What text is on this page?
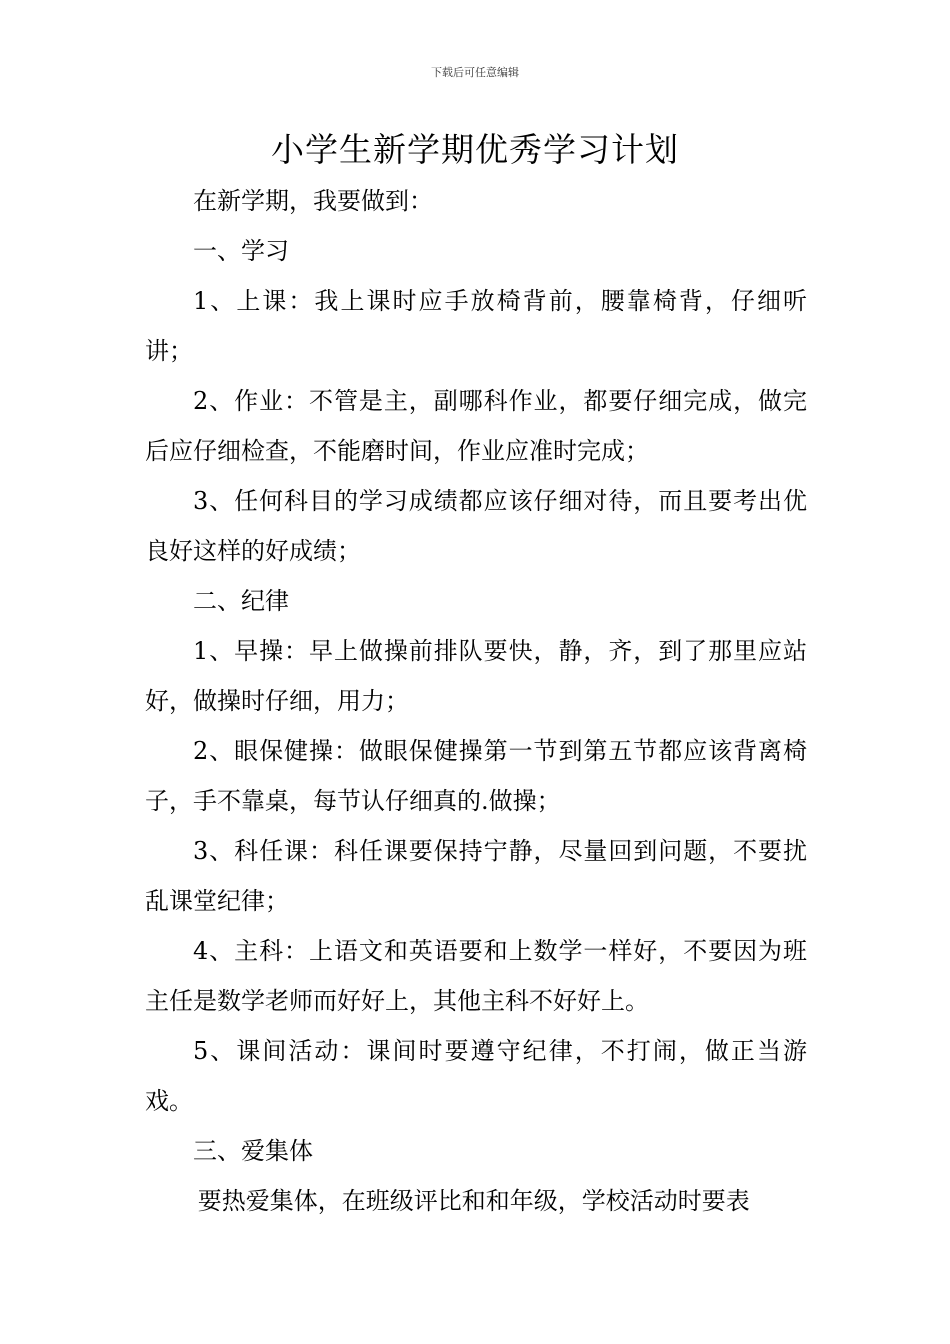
下载后可任意编辑
小学生新学期优秀学习计划

在新学期，我要做到：

一、学习

1、上课：我上课时应手放椅背前，腰靠椅背，仔细听讲；

2、作业：不管是主，副哪科作业，都要仔细完成，做完后应仔细检查，不能磨时间，作业应准时完成；

3、任何科目的学习成绩都应该仔细对待，而且要考出优良好这样的好成绩；

二、纪律

1、早操：早上做操前排队要快，静，齐，到了那里应站好，做操时仔细，用力；

2、眼保健操：做眼保健操第一节到第五节都应该背离椅子，手不靠桌，每节认仔细真的.做操；

3、科任课：科任课要保持宁静，尽量回到问题，不要扰乱课堂纪律；

4、主科：上语文和英语要和上数学一样好，不要因为班主任是数学老师而好好上，其他主科不好好上。

5、课间活动：课间时要遵守纪律，不打闹，做正当游戏。

三、爱集体

要热爱集体，在班级评比和和年级，学校活动时要表
